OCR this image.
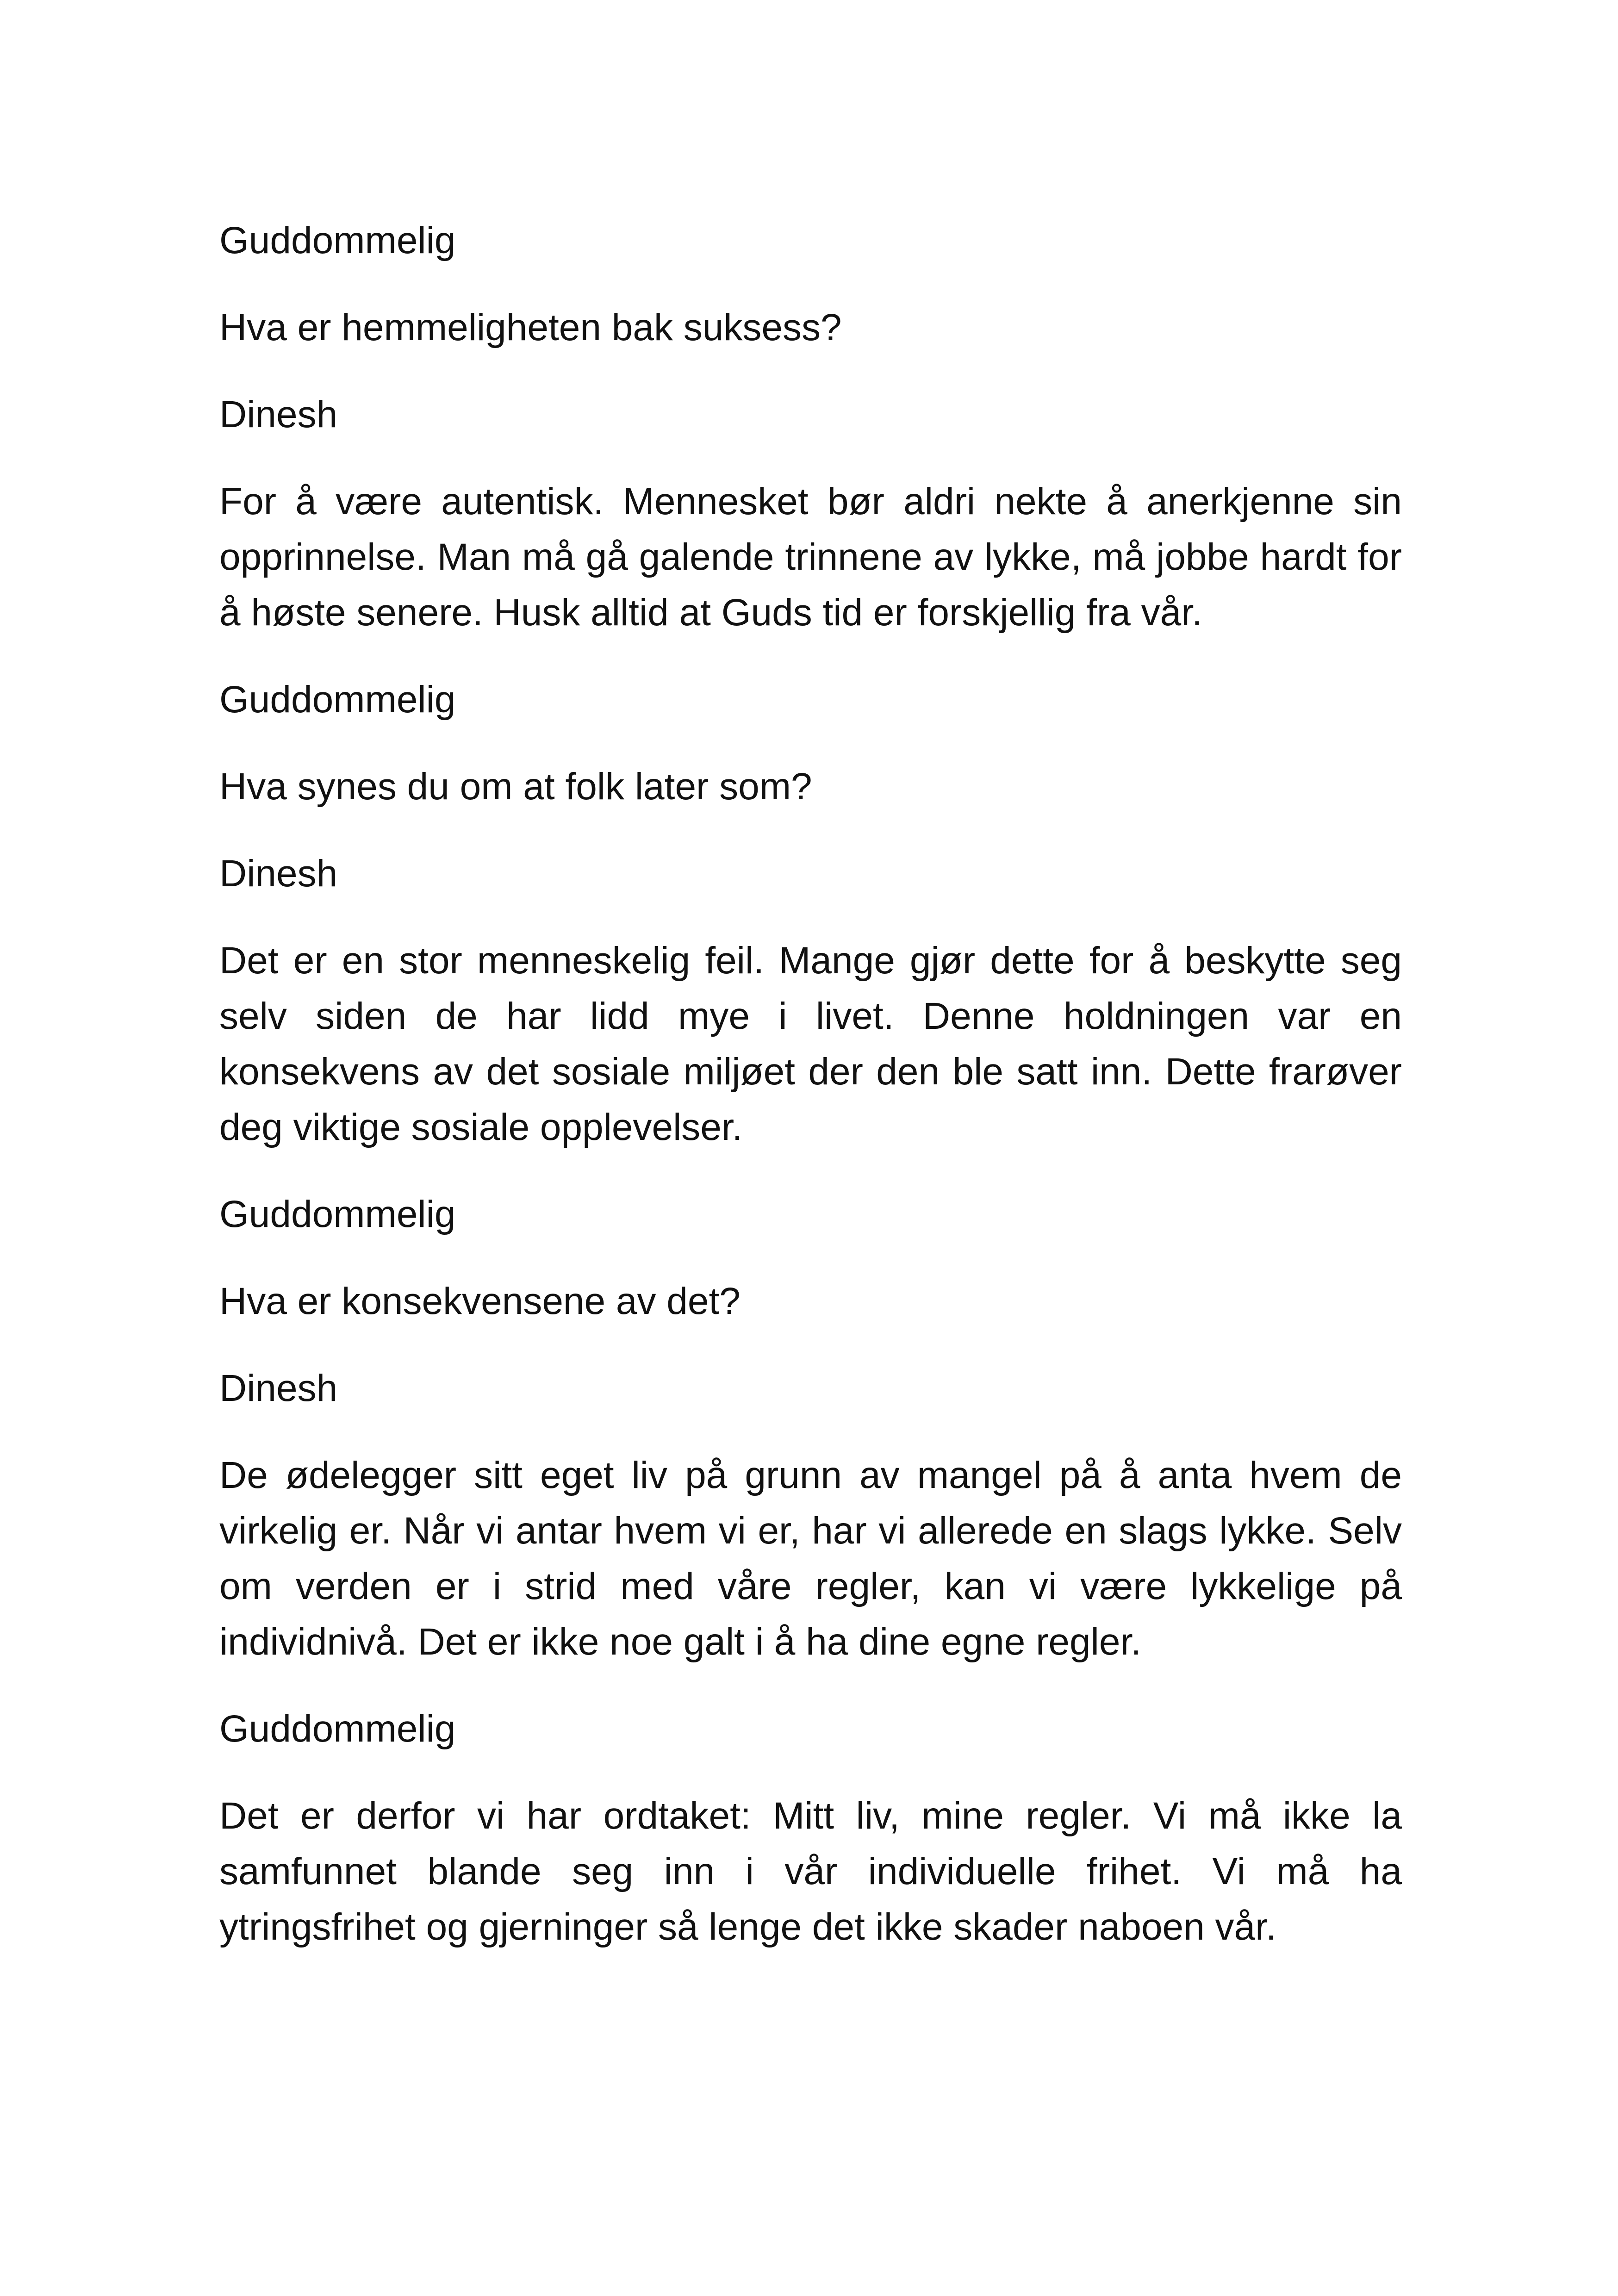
Guddommelig

Hva er hemmeligheten bak suksess?

Dinesh

For å være autentisk. Mennesket bør aldri nekte å anerkjenne sin opprinnelse. Man må gå galende trinnene av lykke, må jobbe hardt for å høste senere. Husk alltid at Guds tid er forskjellig fra vår.

Guddommelig

Hva synes du om at folk later som?

Dinesh

Det er en stor menneskelig feil. Mange gjør dette for å beskytte seg selv siden de har lidd mye i livet. Denne holdningen var en konsekvens av det sosiale miljøet der den ble satt inn. Dette frarøver deg viktige sosiale opplevelser.

Guddommelig

Hva er konsekvensene av det?

Dinesh

De ødelegger sitt eget liv på grunn av mangel på å anta hvem de virkelig er. Når vi antar hvem vi er, har vi allerede en slags lykke. Selv om verden er i strid med våre regler, kan vi være lykkelige på individnivå. Det er ikke noe galt i å ha dine egne regler.

Guddommelig

Det er derfor vi har ordtaket: Mitt liv, mine regler. Vi må ikke la samfunnet blande seg inn i vår individuelle frihet. Vi må ha ytringsfrihet og gjerninger så lenge det ikke skader naboen vår.
